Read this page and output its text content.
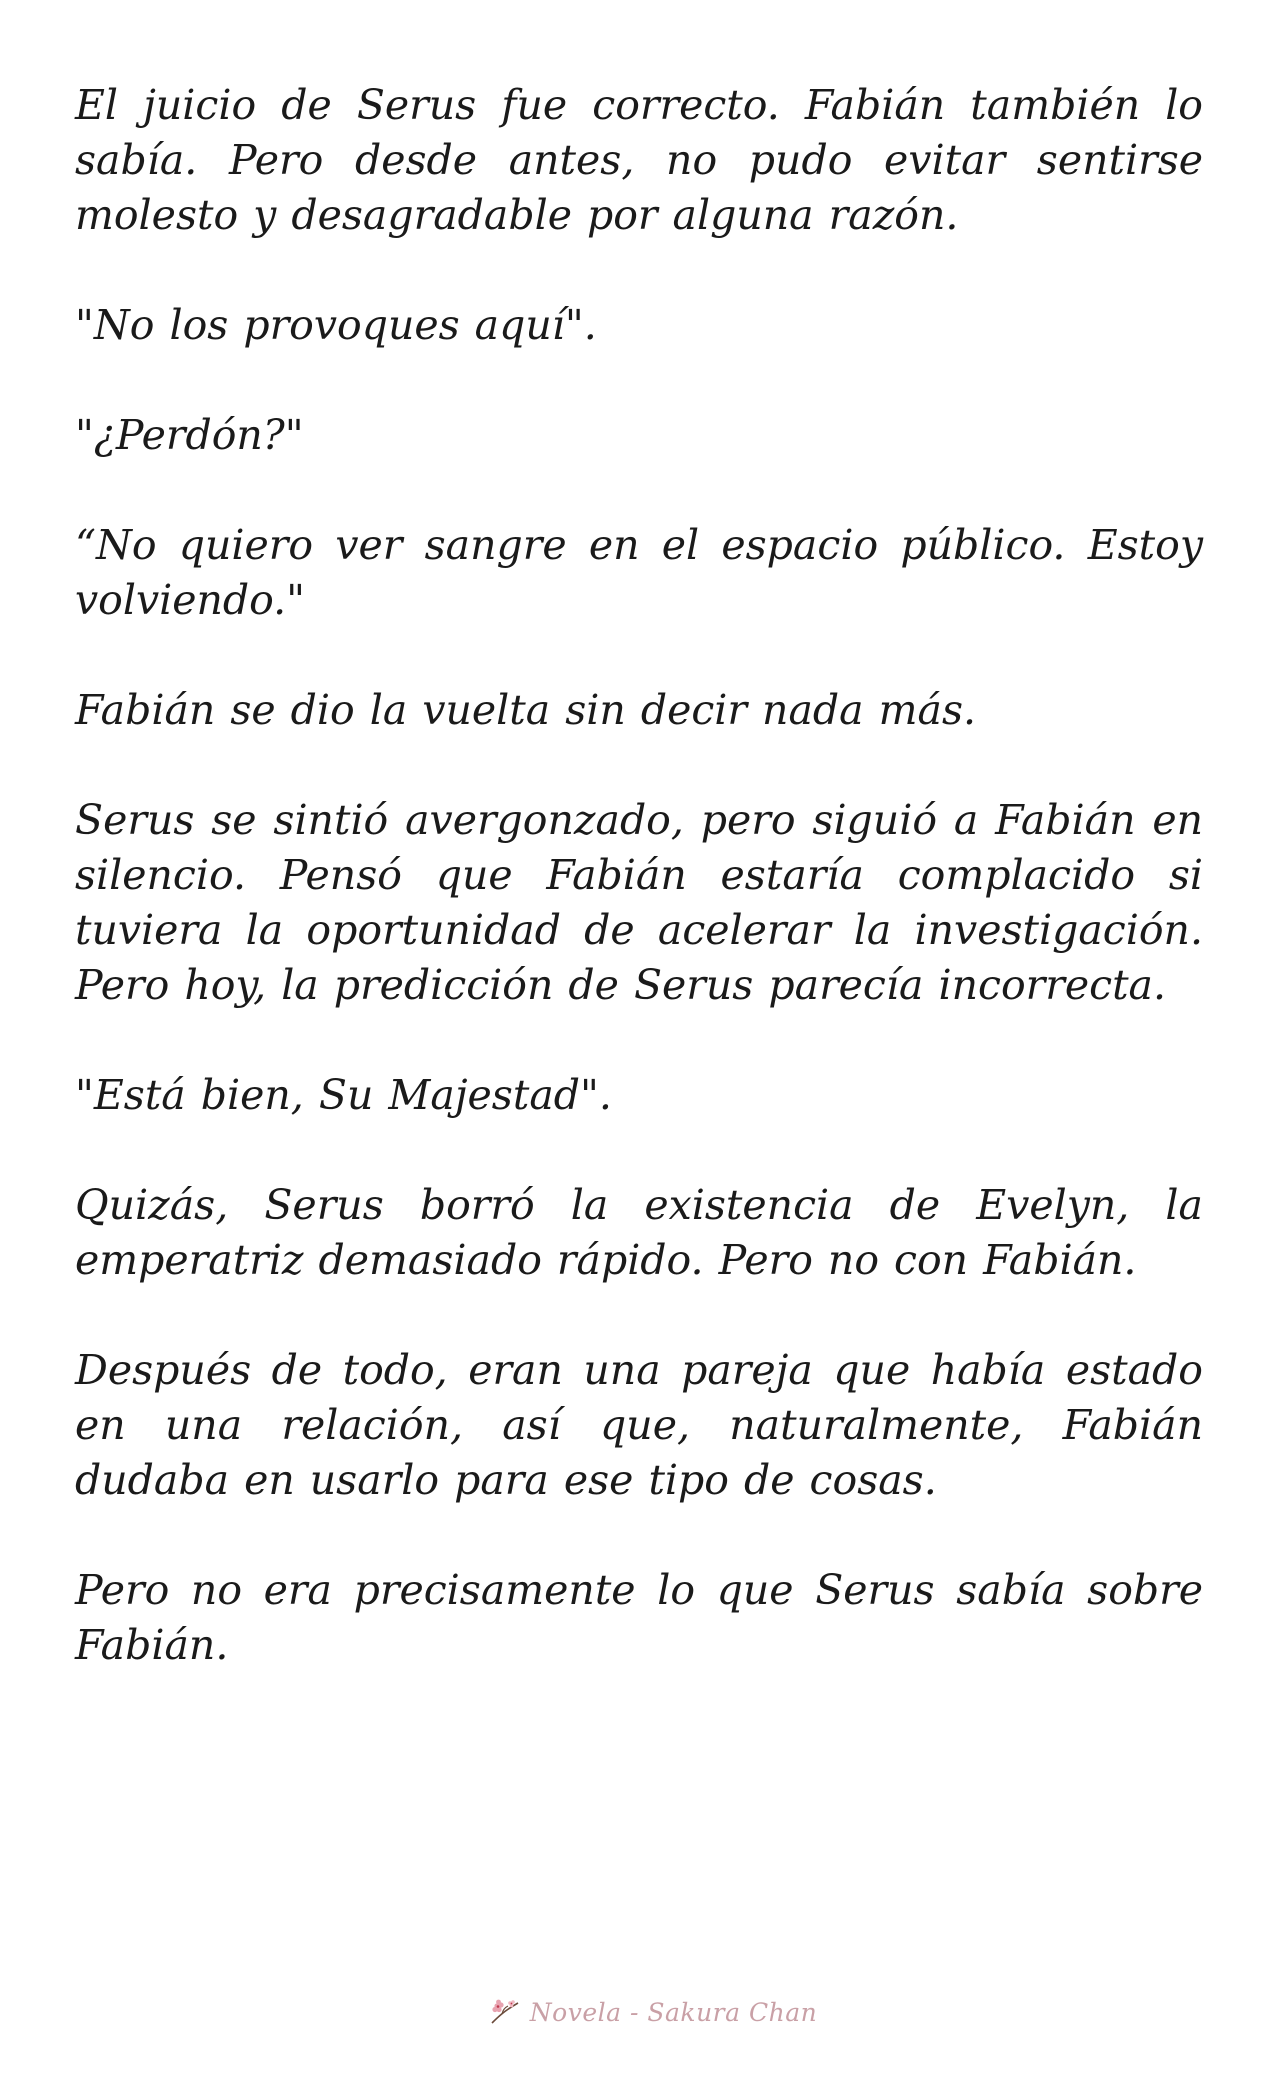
El juicio de Serus fue correcto. Fabián también lo sabía. Pero desde antes, no pudo evitar sentirse molesto y desagradable por alguna razón.

"No los provoques aquí".

"¿Perdón?"

“No quiero ver sangre en el espacio público. Estoy volviendo."

Fabián se dio la vuelta sin decir nada más.

Serus se sintió avergonzado, pero siguió a Fabián en silencio. Pensó que Fabián estaría complacido si tuviera la oportunidad de acelerar la investigación. Pero hoy, la predicción de Serus parecía incorrecta.

"Está bien, Su Majestad".

Quizás, Serus borró la existencia de Evelyn, la emperatriz demasiado rápido. Pero no con Fabián.

Después de todo, eran una pareja que había estado en una relación, así que, naturalmente, Fabián dudaba en usarlo para ese tipo de cosas.

Pero no era precisamente lo que Serus sabía sobre Fabián.

Novela - Sakura Chan
